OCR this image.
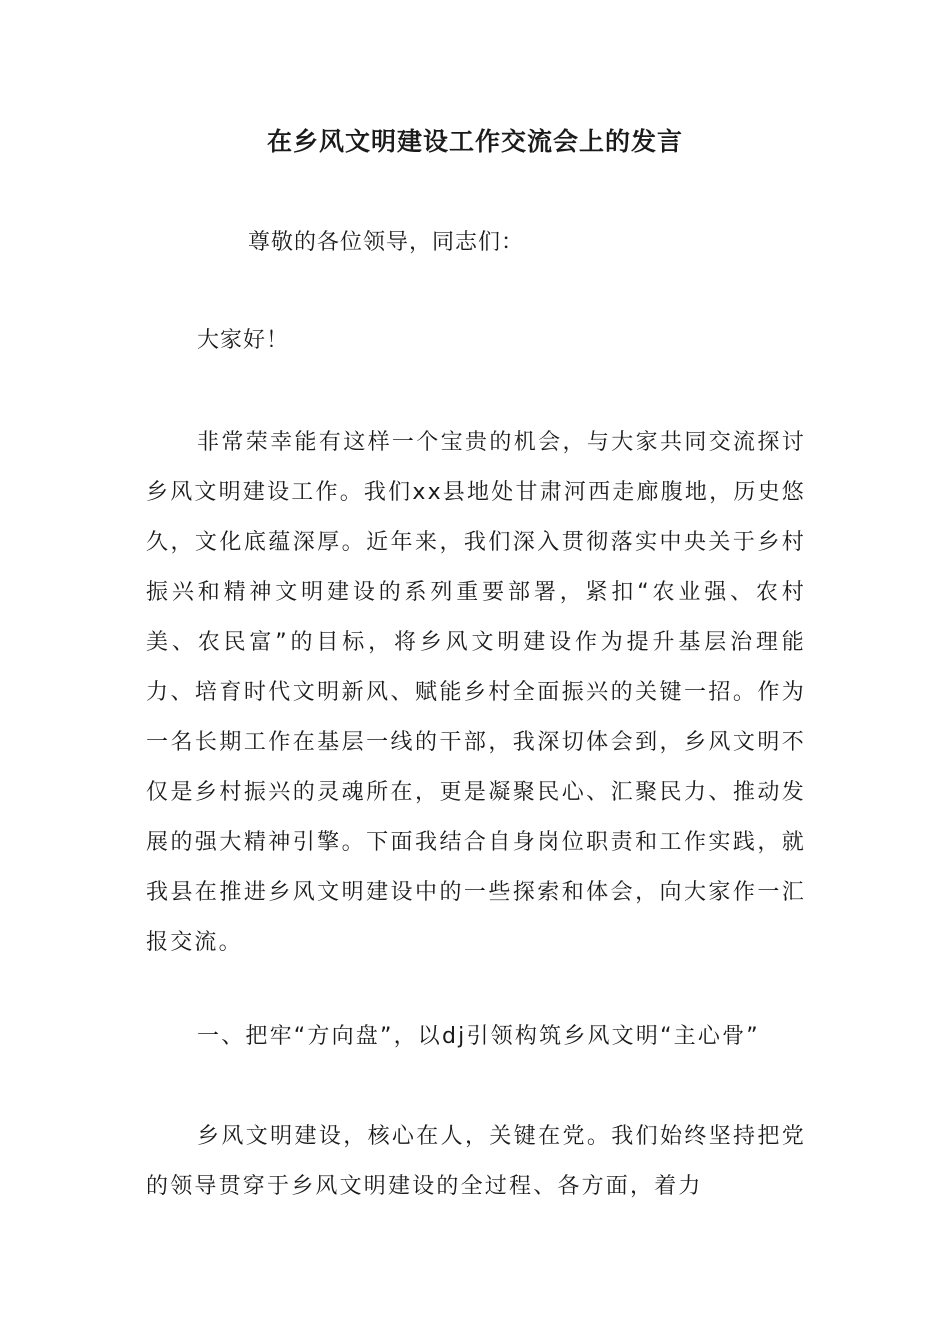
在乡风文明建设工作交流会上的发言

尊敬的各位领导，同志们：

大家好！

非常荣幸能有这样一个宝贵的机会，与大家共同交流探讨乡风文明建设工作。我们xx县地处甘肃河西走廊腹地，历史悠久，文化底蕴深厚。近年来，我们深入贯彻落实中央关于乡村振兴和精神文明建设的系列重要部署，紧扣“农业强、农村美、农民富”的目标，将乡风文明建设作为提升基层治理能力、培育时代文明新风、赋能乡村全面振兴的关键一招。作为一名长期工作在基层一线的干部，我深切体会到，乡风文明不仅是乡村振兴的灵魂所在，更是凝聚民心、汇聚民力、推动发展的强大精神引擎。下面我结合自身岗位职责和工作实践，就我县在推进乡风文明建设中的一些探索和体会，向大家作一汇报交流。

一、把牢“方向盘”，以dj引领构筑乡风文明“主心骨”

乡风文明建设，核心在人，关键在党。我们始终坚持把党的领导贯穿于乡风文明建设的全过程、各方面，着力
